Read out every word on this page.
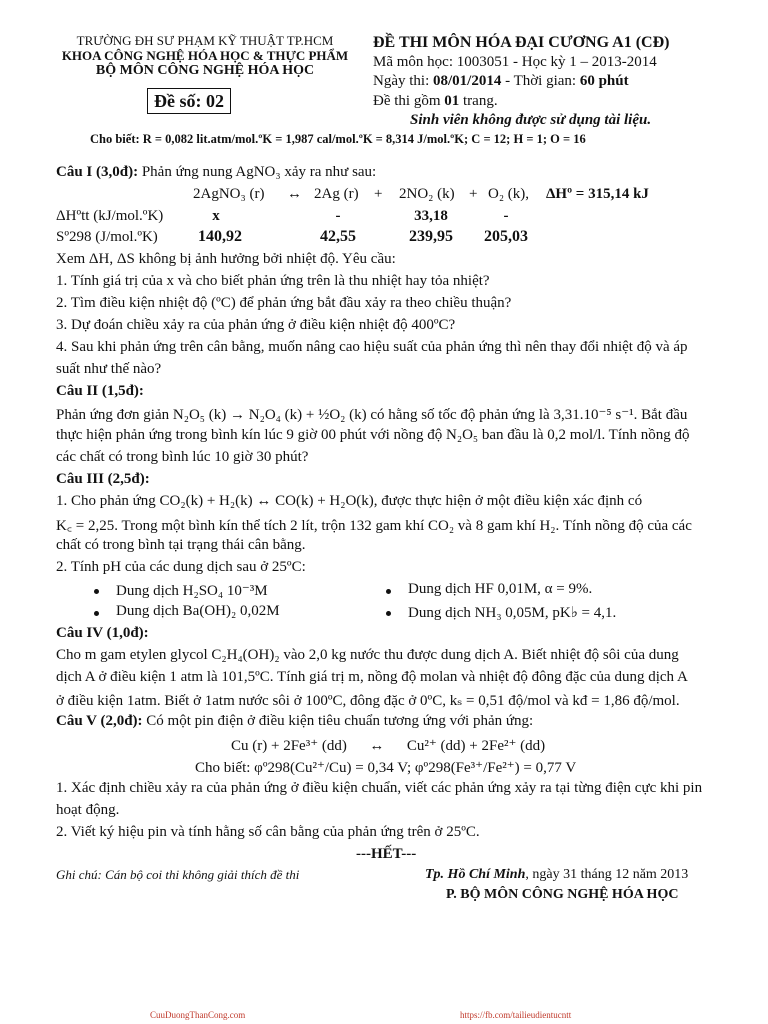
TRƯỜNG ĐH SƯ PHẠM KỸ THUẬT TP.HCM
KHOA CÔNG NGHỆ HÓA HỌC & THỰC PHẨM
BỘ MÔN CÔNG NGHỆ HÓA HỌC
Đề số: 02
ĐỀ THI MÔN HÓA ĐẠI CƯƠNG A1 (CĐ)
Mã môn học: 1003051 - Học kỳ 1 – 2013-2014
Ngày thi: 08/01/2014 - Thời gian: 60 phút
Đề thi gồm 01 trang.
Sinh viên không được sử dụng tài liệu.
Cho biết: R = 0,082 lit.atm/mol.ºK = 1,987 cal/mol.ºK = 8,314 J/mol.ºK; C = 12; H = 1; O = 16
Câu I (3,0đ): Phản ứng nung AgNO₃ xảy ra như sau:
2AgNO₃ (r) ↔ 2Ag (r) + 2NO₂ (k) + O₂ (k), ΔHº = 315,14 kJ
ΔHºtt (kJ/mol.ºK)	x	-	33,18	-
Sº298 (J/mol.ºK)	140,92	42,55	239,95	205,03
Xem ΔH, ΔS không bị ảnh hưởng bởi nhiệt độ. Yêu cầu:
1. Tính giá trị của x và cho biết phản ứng trên là thu nhiệt hay tỏa nhiệt?
2. Tìm điều kiện nhiệt độ (ºC) để phản ứng bắt đầu xảy ra theo chiều thuận?
3. Dự đoán chiều xảy ra của phản ứng ở điều kiện nhiệt độ 400ºC?
4. Sau khi phản ứng trên cân bằng, muốn nâng cao hiệu suất của phản ứng thì nên thay đổi nhiệt độ và áp
suất như thế nào?
Câu II (1,5đ):
Phản ứng đơn giản N₂O₅ (k) → N₂O₄ (k) + ½O₂ (k) có hằng số tốc độ phản ứng là 3,31.10⁻⁵ s⁻¹. Bắt đầu
thực hiện phản ứng trong bình kín lúc 9 giờ 00 phút với nồng độ N₂O₅ ban đầu là 0,2 mol/l. Tính nồng độ
các chất có trong bình lúc 10 giờ 30 phút?
Câu III (2,5đ):
1. Cho phản ứng CO₂(k) + H₂(k) ↔ CO(k) + H₂O(k), được thực hiện ở một điều kiện xác định có
K꜀ = 2,25. Trong một bình kín thể tích 2 lít, trộn 132 gam khí CO₂ và 8 gam khí H₂. Tính nồng độ của các
chất có trong bình tại trạng thái cân bằng.
2. Tính pH của các dung dịch sau ở 25ºC:
Dung dịch H₂SO₄ 10⁻³M	Dung dịch HF 0,01M, α = 9%.
Dung dịch Ba(OH)₂ 0,02M	Dung dịch NH₃ 0,05M, pK♭ = 4,1.
Câu IV (1,0đ):
Cho m gam etylen glycol C₂H₄(OH)₂ vào 2,0 kg nước thu được dung dịch A. Biết nhiệt độ sôi của dung
dịch A ở điều kiện 1 atm là 101,5ºC. Tính giá trị m, nồng độ molan và nhiệt độ đông đặc của dung dịch A
ở điều kiện 1atm. Biết ở 1atm nước sôi ở 100ºC, đông đặc ở 0ºC, kₛ = 0,51 độ/mol và kđ = 1,86 độ/mol.
Câu V (2,0đ): Có một pin điện ở điều kiện tiêu chuẩn tương ứng với phản ứng:
Cu (r) + 2Fe³⁺ (dd)      ↔      Cu²⁺ (dd) + 2Fe²⁺ (dd)
Cho biết: φº298(Cu²⁺/Cu) = 0,34 V; φº298(Fe³⁺/Fe²⁺) = 0,77 V
1. Xác định chiều xảy ra của phản ứng ở điều kiện chuẩn, viết các phản ứng xảy ra tại từng điện cực khi pin
hoạt động.
2. Viết ký hiệu pin và tính hằng số cân bằng của phản ứng trên ở 25ºC.
---HẾT---
Ghi chú: Cán bộ coi thi không giải thích đề thi	Tp. Hồ Chí Minh, ngày 31 tháng 12 năm 2013
P. BỘ MÔN CÔNG NGHỆ HÓA HỌC
CuuDuongThanCong.com	https://fb.com/tailieudientucntt
